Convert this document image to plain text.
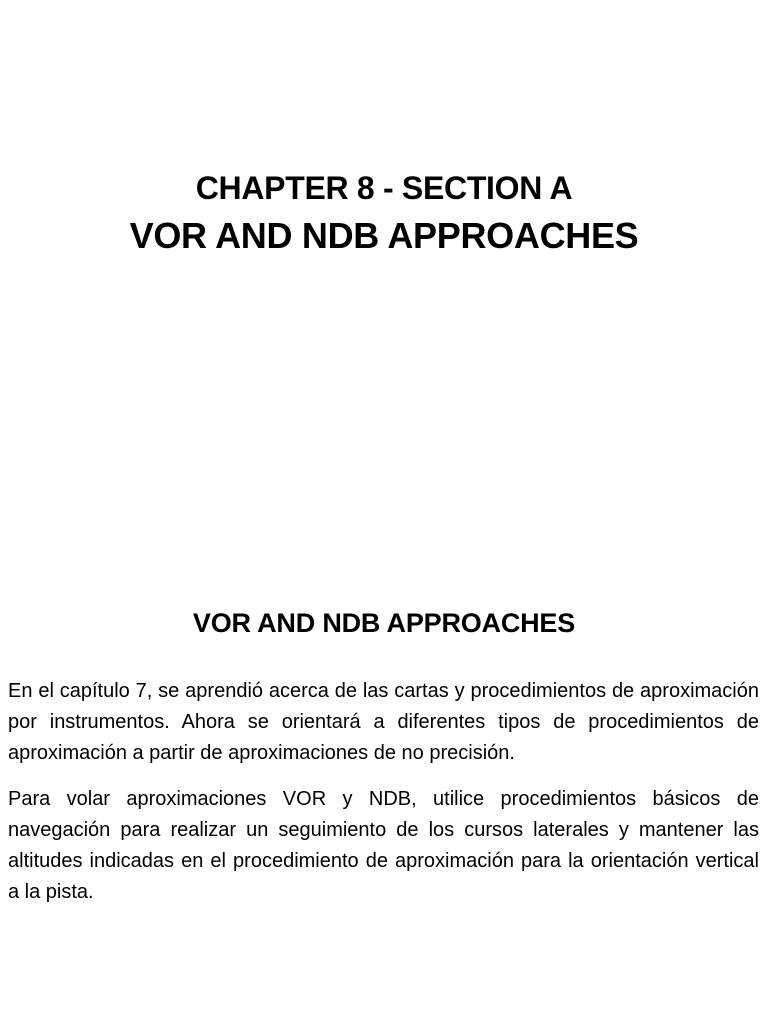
CHAPTER 8 - SECTION A
VOR AND NDB APPROACHES
VOR AND NDB APPROACHES

En el capítulo 7, se aprendió acerca de las cartas y procedimientos de aproximación por instrumentos. Ahora se orientará a diferentes tipos de procedimientos de aproximación a partir de aproximaciones de no precisión.

Para volar aproximaciones VOR y NDB, utilice procedimientos básicos de navegación para realizar un seguimiento de los cursos laterales y mantener las altitudes indicadas en el procedimiento de aproximación para la orientación vertical a la pista.
